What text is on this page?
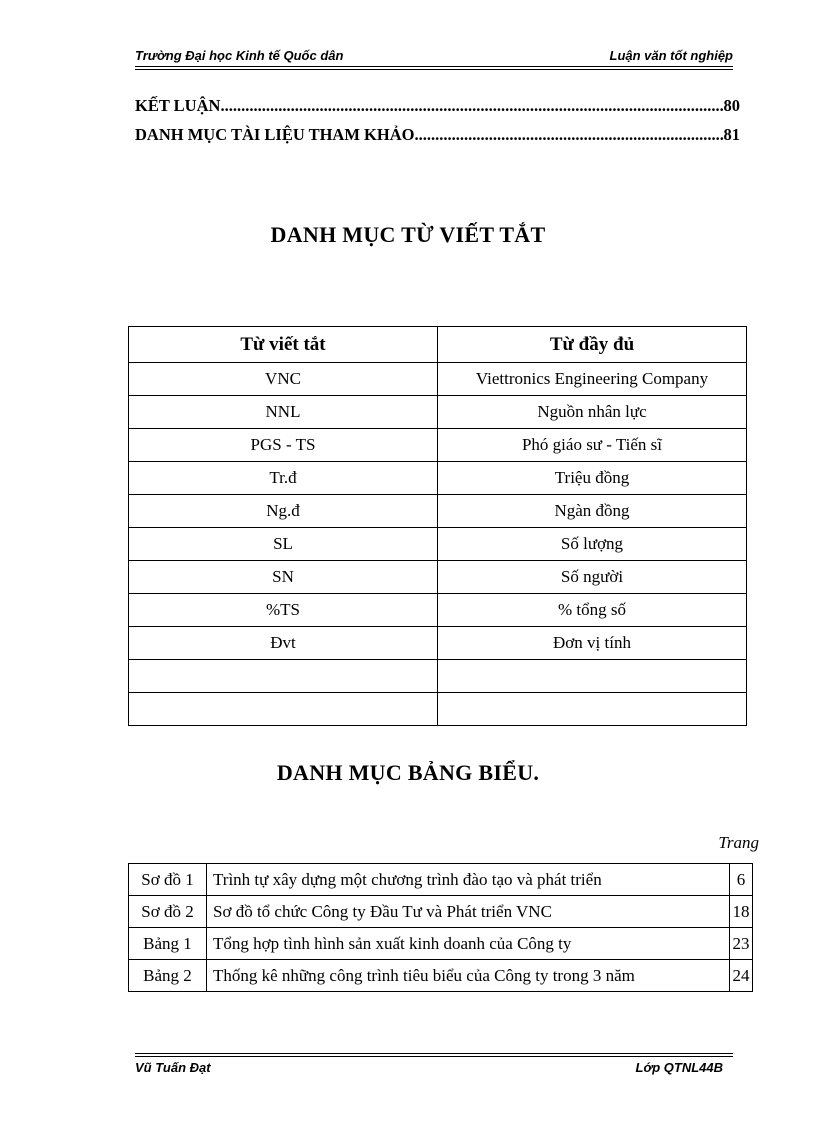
Trường Đại học Kinh tế Quốc dân	Luận văn tốt nghiệp
KẾT LUẬN .....	80
DANH MỤC TÀI LIỆU THAM KHẢO .....	81
DANH MỤC TỪ VIẾT TẮT
Từ viết tắt	Từ đầy đủ
VNC	Viettronics Engineering Company
NNL	Nguồn nhân lực
PGS - TS	Phó giáo sư - Tiến sĩ
Tr.đ	Triệu đồng
Ng.đ	Ngàn đồng
SL	Số lượng
SN	Số người
%TS	% tổng số
Đvt	Đơn vị tính

DANH MỤC BẢNG BIỂU.
Trang
Sơ đồ 1	Trình tự xây dựng một chương trình đào tạo và phát triển	6
Sơ đồ 2	Sơ đồ tổ chức Công ty Đầu Tư và Phát triển VNC	18
Bảng 1	Tổng hợp tình hình sản xuất kinh doanh của Công ty	23
Bảng 2	Thống kê những công trình tiêu biểu của Công ty trong 3 năm	24
Vũ Tuấn Đạt	Lớp QTNL44B
